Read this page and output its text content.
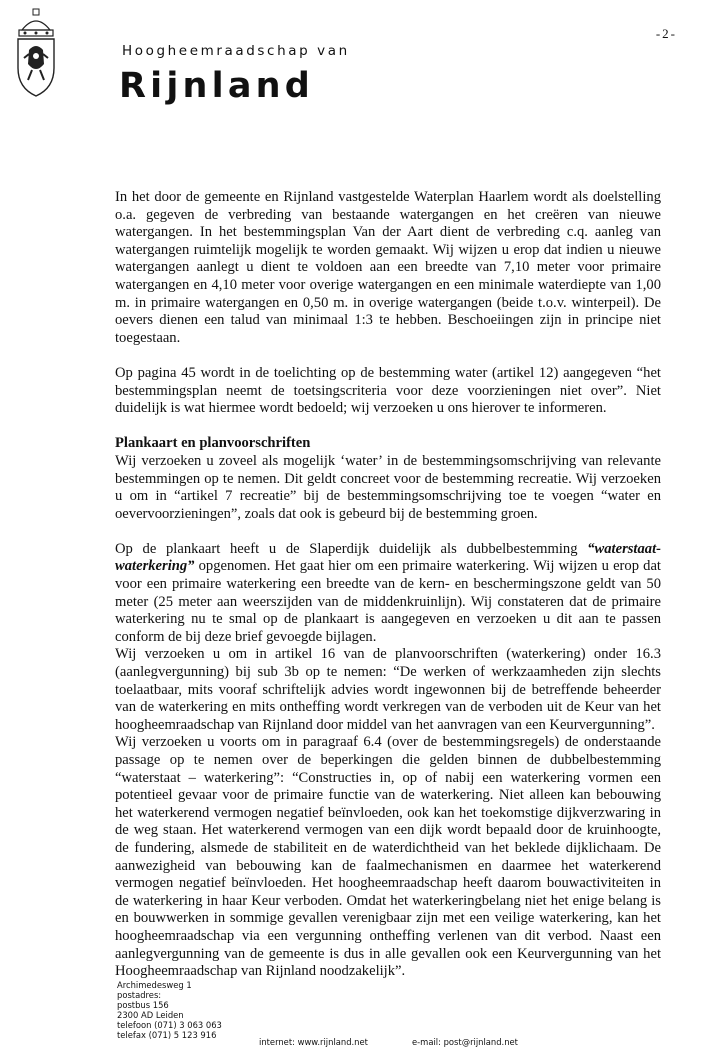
-2-
Hoogheemraadschap van
Rijnland

In het door de gemeente en Rijnland vastgestelde Waterplan Haarlem wordt als doelstelling o.a. gegeven de verbreding van bestaande watergangen en het creëren van nieuwe watergangen. In het bestemmingsplan Van der Aart dient de verbreding c.q. aanleg van watergangen ruimtelijk mogelijk te worden gemaakt. Wij wijzen u erop dat indien u nieuwe watergangen aanlegt u dient te voldoen aan een breedte van 7,10 meter voor primaire watergangen en 4,10 meter voor overige watergangen en een minimale waterdiepte van 1,00 m. in primaire watergangen en 0,50 m. in overige watergangen (beide t.o.v. winterpeil). De oevers dienen een talud van minimaal 1:3 te hebben. Beschoeiingen zijn in principe niet toegestaan.

Op pagina 45 wordt in de toelichting op de bestemming water (artikel 12) aangegeven “het bestemmingsplan neemt de toetsingscriteria voor deze voorzieningen niet over”. Niet duidelijk is wat hiermee wordt bedoeld; wij verzoeken u ons hierover te informeren.

Plankaart en planvoorschriften

Wij verzoeken u zoveel als mogelijk ‘water’ in de bestemmingsomschrijving van relevante bestemmingen op te nemen. Dit geldt concreet voor de bestemming recreatie. Wij verzoeken u om in “artikel 7 recreatie” bij de bestemmingsomschrijving toe te voegen “water en oevervoorzieningen”, zoals dat ook is gebeurd bij de bestemming groen.

Op de plankaart heeft u de Slaperdijk duidelijk als dubbelbestemming “waterstaat-waterkering” opgenomen. Het gaat hier om een primaire waterkering. Wij wijzen u erop dat voor een primaire waterkering een breedte van de kern- en beschermingszone geldt van 50 meter (25 meter aan weerszijden van de middenkruinlijn). Wij constateren dat de primaire waterkering nu te smal op de plankaart is aangegeven en verzoeken u dit aan te passen conform de bij deze brief gevoegde bijlagen.

Wij verzoeken u om in artikel 16 van de planvoorschriften (waterkering) onder 16.3 (aanlegvergunning) bij sub 3b op te nemen: “De werken of werkzaamheden zijn slechts toelaatbaar, mits vooraf schriftelijk advies wordt ingewonnen bij de betreffende beheerder van de waterkering en mits ontheffing wordt verkregen van de verboden uit de Keur van het hoogheemraadschap van Rijnland door middel van het aanvragen van een Keurvergunning”.

Wij verzoeken u voorts om in paragraaf 6.4 (over de bestemmingsregels) de onderstaande passage op te nemen over de beperkingen die gelden binnen de dubbelbestemming “waterstaat – waterkering”: “Constructies in, op of nabij een waterkering vormen een potentieel gevaar voor de primaire functie van de waterkering. Niet alleen kan bebouwing het waterkerend vermogen negatief beïnvloeden, ook kan het toekomstige dijkverzwaring in de weg staan. Het waterkerend vermogen van een dijk wordt bepaald door de kruinhoogte, de fundering, alsmede de stabiliteit en de waterdichtheid van het beklede dijklichaam. De aanwezigheid van bebouwing kan de faalmechanismen en daarmee het waterkerend vermogen negatief beïnvloeden. Het hoogheemraadschap heeft daarom bouwactiviteiten in de waterkering in haar Keur verboden. Omdat het waterkeringbelang niet het enige belang is en bouwwerken in sommige gevallen verenigbaar zijn met een veilige waterkering, kan het hoogheemraadschap via een vergunning ontheffing verlenen van dit verbod. Naast een aanlegvergunning van de gemeente is dus in alle gevallen ook een Keurvergunning van het Hoogheemraadschap van Rijnland noodzakelijk”.

Archimedesweg 1
postadres:
postbus 156
2300 AD Leiden
telefoon (071) 3 063 063
telefax (071) 5 123 916
internet: www.rijnland.net	e-mail: post@rijnland.net
